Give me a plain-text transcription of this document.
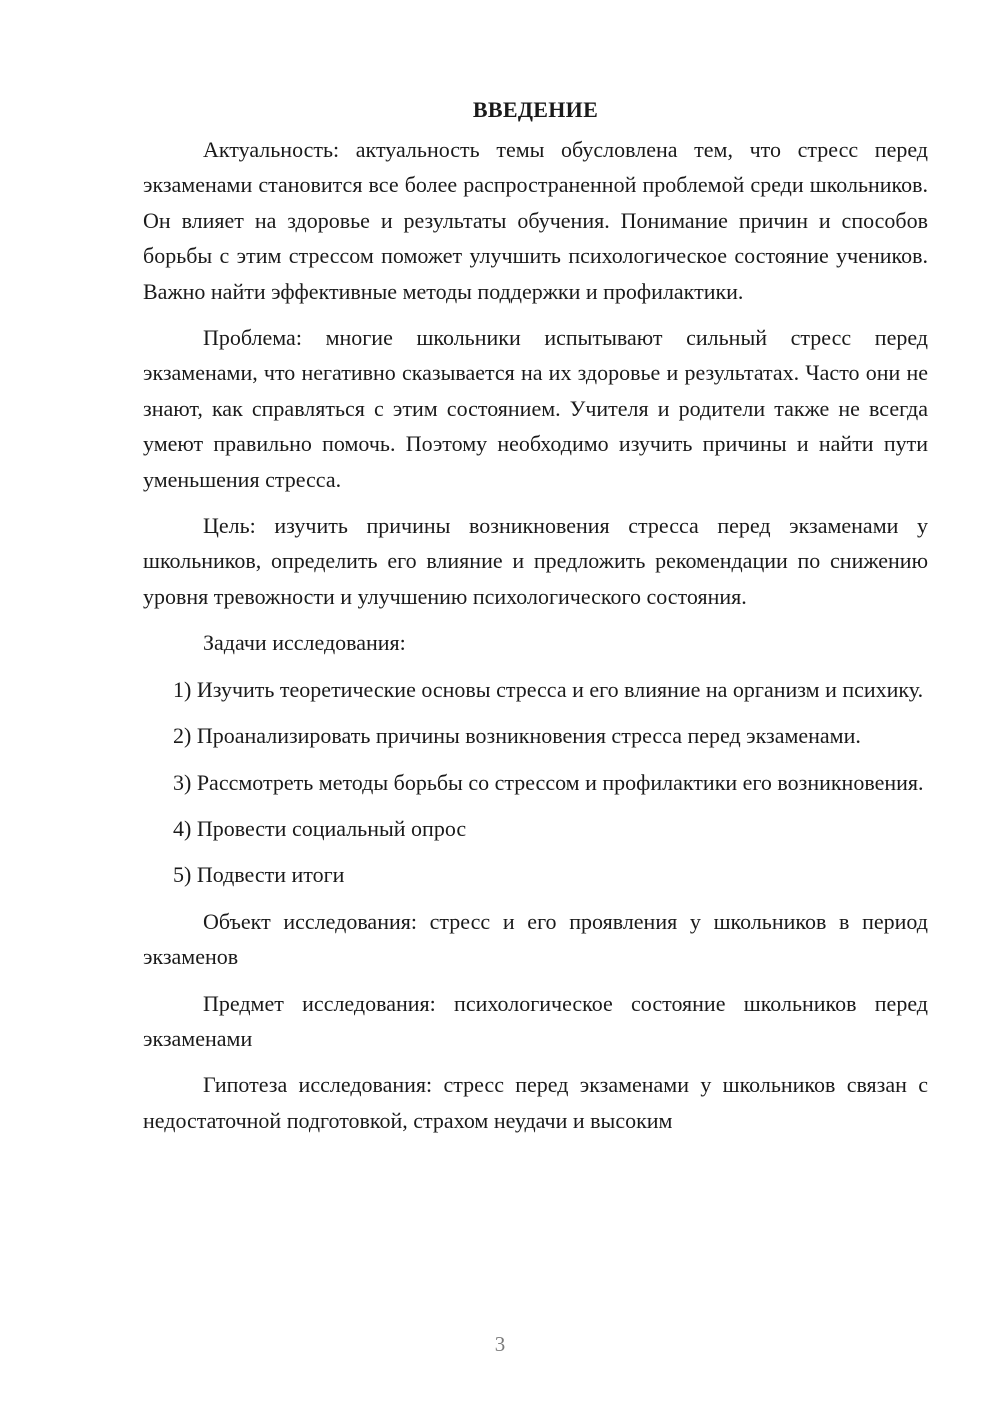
ВВЕДЕНИЕ

Актуальность: актуальность темы обусловлена тем, что стресс перед экзаменами становится все более распространенной проблемой среди школьников. Он влияет на здоровье и результаты обучения. Понимание причин и способов борьбы с этим стрессом поможет улучшить психологическое состояние учеников. Важно найти эффективные методы поддержки и профилактики.

Проблема: многие школьники испытывают сильный стресс перед экзаменами, что негативно сказывается на их здоровье и результатах. Часто они не знают, как справляться с этим состоянием. Учителя и родители также не всегда умеют правильно помочь. Поэтому необходимо изучить причины и найти пути уменьшения стресса.

Цель: изучить причины возникновения стресса перед экзаменами у школьников, определить его влияние и предложить рекомендации по снижению уровня тревожности и улучшению психологического состояния.

Задачи исследования:

1) Изучить теоретические основы стресса и его влияние на организм и психику.

2) Проанализировать причины возникновения стресса перед экзаменами.

3) Рассмотреть методы борьбы со стрессом и профилактики его возникновения.

4) Провести социальный опрос

5) Подвести итоги

Объект исследования: стресс и его проявления у школьников в период экзаменов

Предмет исследования: психологическое состояние школьников перед экзаменами

Гипотеза исследования: стресс перед экзаменами у школьников связан с недостаточной подготовкой, страхом неудачи и высоким

3
